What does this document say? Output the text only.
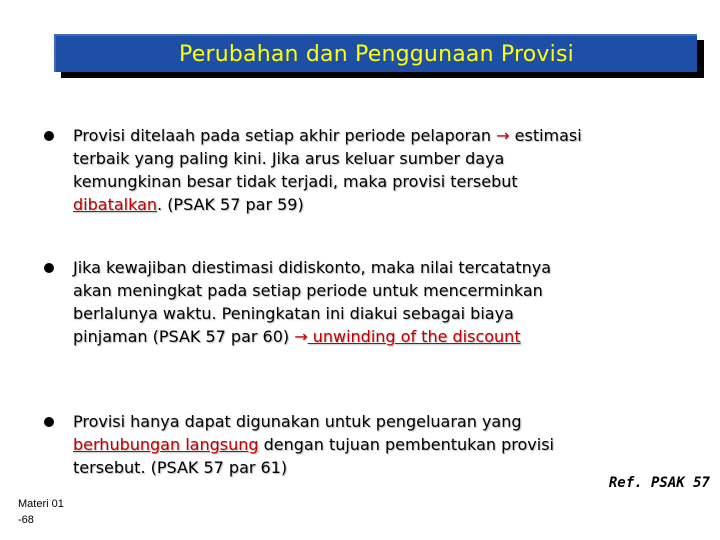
Perubahan dan Penggunaan Provisi
Provisi ditelaah pada setiap akhir periode pelaporan → estimasi terbaik yang paling kini. Jika arus keluar sumber daya kemungkinan besar tidak terjadi, maka provisi tersebut dibatalkan. (PSAK 57 par 59)
Jika kewajiban diestimasi didiskonto, maka nilai tercatatnya akan meningkat pada setiap periode untuk mencerminkan berlalunya waktu. Peningkatan ini diakui sebagai biaya pinjaman (PSAK 57 par 60) → unwinding of the discount
Provisi hanya dapat digunakan untuk pengeluaran yang berhubungan langsung dengan tujuan pembentukan provisi tersebut. (PSAK 57 par 61)
Ref. PSAK 57
Materi 01
-68
